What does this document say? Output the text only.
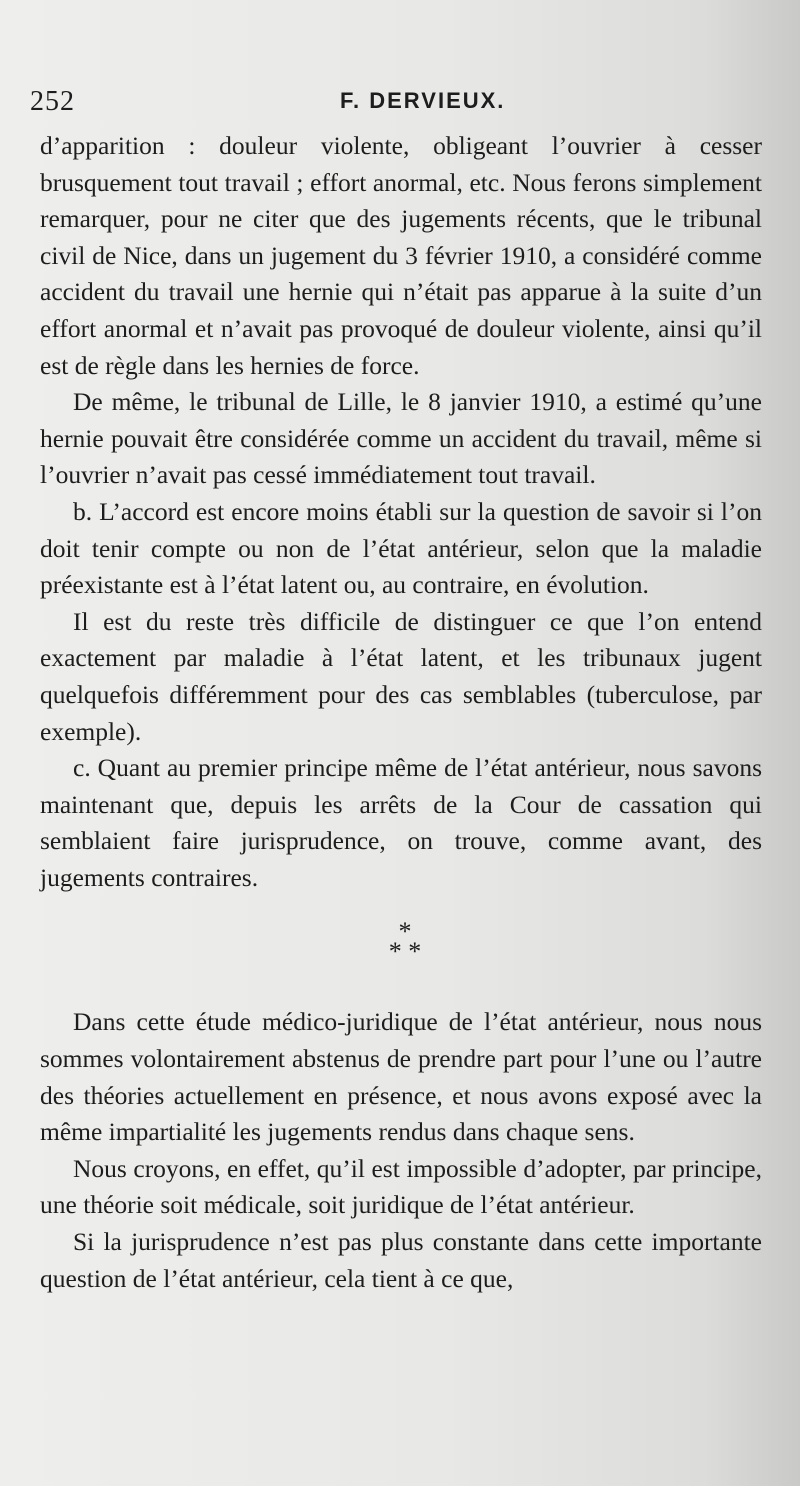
252	F. DERVIEUX.

d’apparition : douleur violente, obligeant l’ouvrier à cesser brusquement tout travail ; effort anormal, etc. Nous ferons simplement remarquer, pour ne citer que des jugements récents, que le tribunal civil de Nice, dans un jugement du 3 février 1910, a considéré comme accident du travail une hernie qui n’était pas apparue à la suite d’un effort anormal et n’avait pas provoqué de douleur violente, ainsi qu’il est de règle dans les hernies de force.

De même, le tribunal de Lille, le 8 janvier 1910, a estimé qu’une hernie pouvait être considérée comme un accident du travail, même si l’ouvrier n’avait pas cessé immédiatement tout travail.

b. L’accord est encore moins établi sur la question de savoir si l’on doit tenir compte ou non de l’état antérieur, selon que la maladie préexistante est à l’état latent ou, au contraire, en évolution.

Il est du reste très difficile de distinguer ce que l’on entend exactement par maladie à l’état latent, et les tribunaux jugent quelquefois différemment pour des cas semblables (tuberculose, par exemple).

c. Quant au premier principe même de l’état antérieur, nous savons maintenant que, depuis les arrêts de la Cour de cassation qui semblaient faire jurisprudence, on trouve, comme avant, des jugements contraires.

*
* *

Dans cette étude médico-juridique de l’état antérieur, nous nous sommes volontairement abstenus de prendre part pour l’une ou l’autre des théories actuellement en présence, et nous avons exposé avec la même impartialité les jugements rendus dans chaque sens.

Nous croyons, en effet, qu’il est impossible d’adopter, par principe, une théorie soit médicale, soit juridique de l’état antérieur.

Si la jurisprudence n’est pas plus constante dans cette importante question de l’état antérieur, cela tient à ce que,
